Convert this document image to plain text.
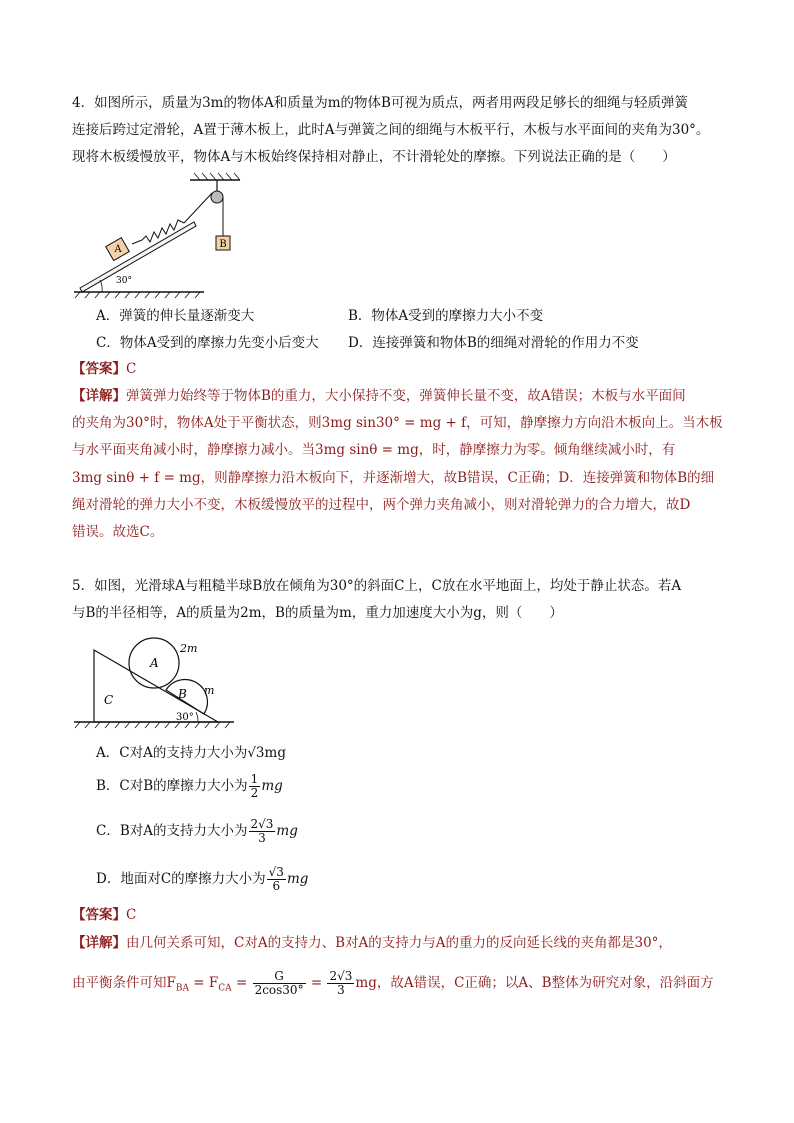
4．如图所示，质量为3m的物体A和质量为m的物体B可视为质点，两者用两段足够长的细绳与轻质弹簧
连接后跨过定滑轮，A置于薄木板上，此时A与弹簧之间的细绳与木板平行，木板与水平面间的夹角为30°。
现将木板缓慢放平，物体A与木板始终保持相对静止，不计滑轮处的摩擦。下列说法正确的是（　　）
B
A
30°
A．弹簧的伸长量逐渐变大	B．物体A受到的摩擦力大小不变
C．物体A受到的摩擦力先变小后变大 D．连接弹簧和物体B的细绳对滑轮的作用力不变
【答案】C
【详解】弹簧弹力始终等于物体B的重力，大小保持不变，弹簧伸长量不变，故A错误；木板与水平面间
的夹角为30°时，物体A处于平衡状态，则3mg sin30° = mg + f，可知，静摩擦力方向沿木板向上。当木板
与水平面夹角减小时，静摩擦力减小。当3mg sinθ = mg，时，静摩擦力为零。倾角继续减小时，有
3mg sinθ + f = mg，则静摩擦力沿木板向下，并逐渐增大，故B错误，C正确；D．连接弹簧和物体B的细
绳对滑轮的弹力大小不变，木板缓慢放平的过程中，两个弹力夹角减小，则对滑轮弹力的合力增大，故D
错误。故选C。
5．如图，光滑球A与粗糙半球B放在倾角为30°的斜面C上，C放在水平地面上，均处于静止状态。若A
与B的半径相等，A的质量为2m，B的质量为m，重力加速度大小为g，则（　　）
A
B
C
2m
m
30°
A．C对A的支持力大小为√3mg
B．C对B的摩擦力大小为 $\frac{1}{2}$ mg
C．B对A的支持力大小为 $\frac{2√3}{3}$ mg
D．地面对C的摩擦力大小为 $\frac{√3}{6}$ mg
【答案】C
【详解】由几何关系可知，C对A的支持力、B对A的支持力与A的重力的反向延长线的夹角都是30°，
由平衡条件可知$F_{BA} = F_{CA} = \frac{G}{2\cos 30^\circ} = \frac{2√3}{3}$ mg，故A错误，C正确；以A、B整体为研究对象，沿斜面方
